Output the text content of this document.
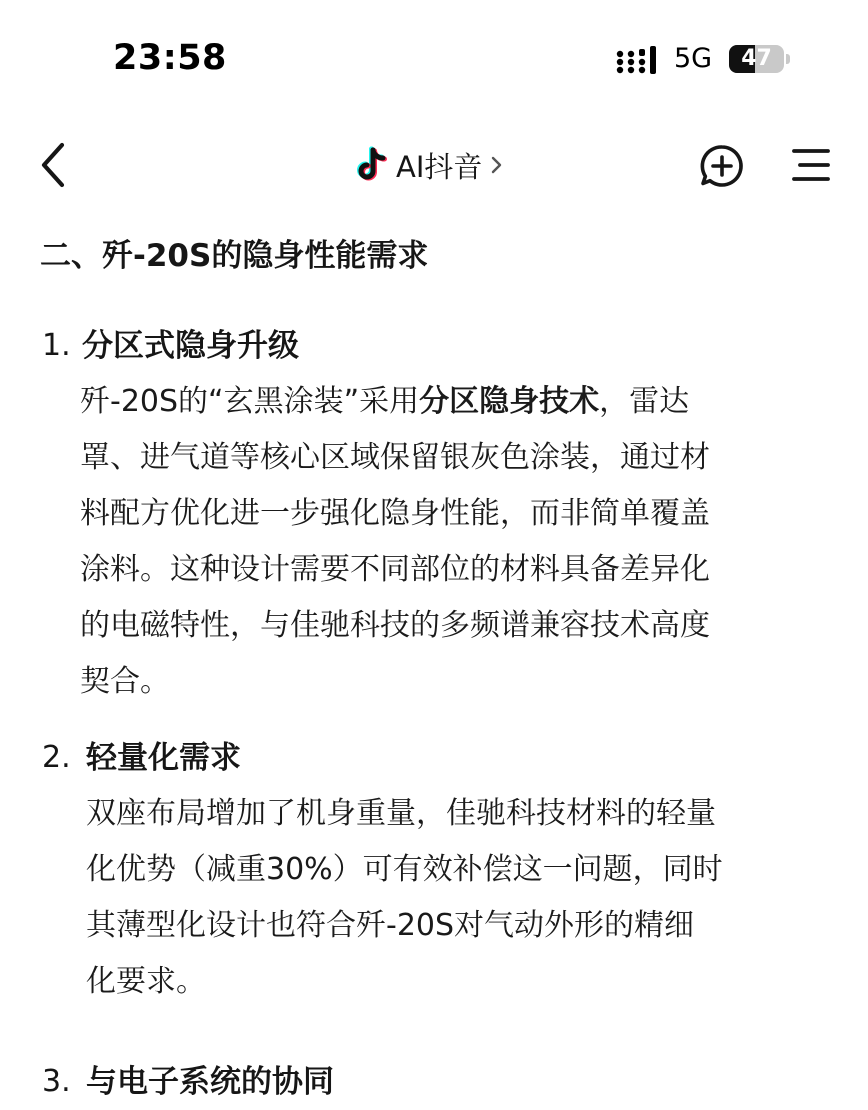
23:58	5G	47
AI抖音
二、歼-20S的隐身性能需求
1. 分区式隐身升级
歼-20S的“玄黑涂装”采用分区隐身技术，雷达
罩、进气道等核心区域保留银灰色涂装，通过材
料配方优化进一步强化隐身性能，而非简单覆盖
涂料。这种设计需要不同部位的材料具备差异化
的电磁特性，与佳驰科技的多频谱兼容技术高度
契合。
2. 轻量化需求
双座布局增加了机身重量，佳驰科技材料的轻量
化优势（减重30%）可有效补偿这一问题，同时
其薄型化设计也符合歼-20S对气动外形的精细
化要求。
3. 与电子系统的协同
